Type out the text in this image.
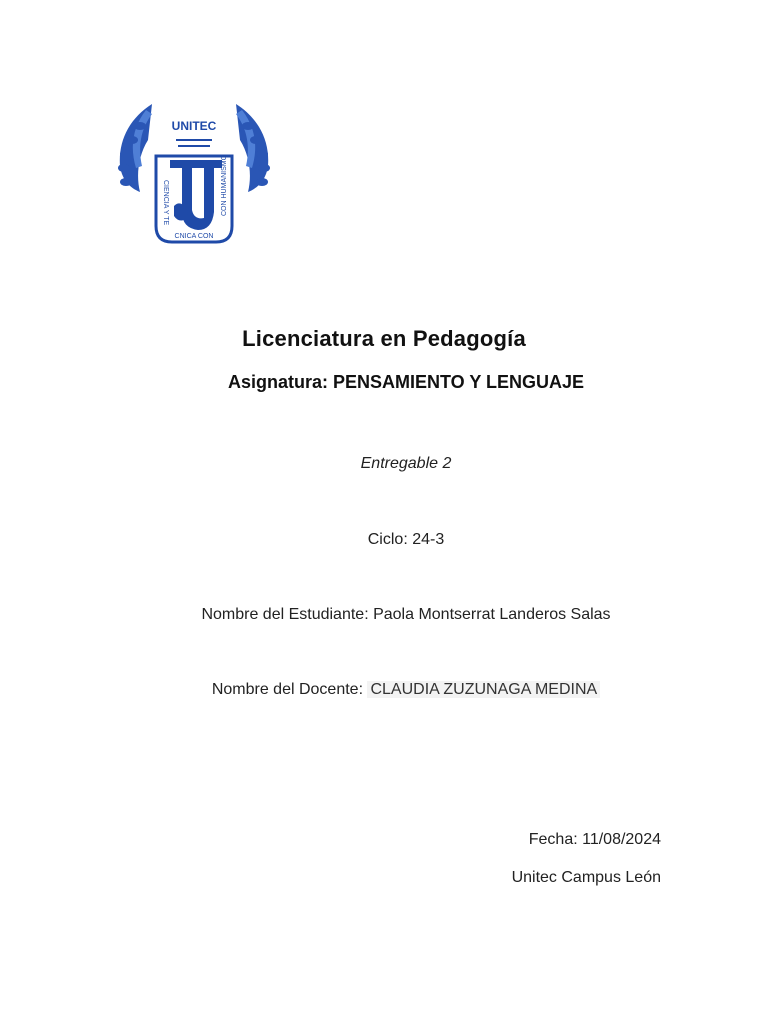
UNITEC
CIENCIA Y TE	CON HUMANISMO
CNICA CON
Licenciatura en Pedagogía
Asignatura: PENSAMIENTO Y LENGUAJE
Entregable 2
Ciclo: 24-3
Nombre del Estudiante: Paola Montserrat Landeros Salas
Nombre del Docente: CLAUDIA ZUZUNAGA MEDINA
Fecha: 11/08/2024
Unitec Campus León
